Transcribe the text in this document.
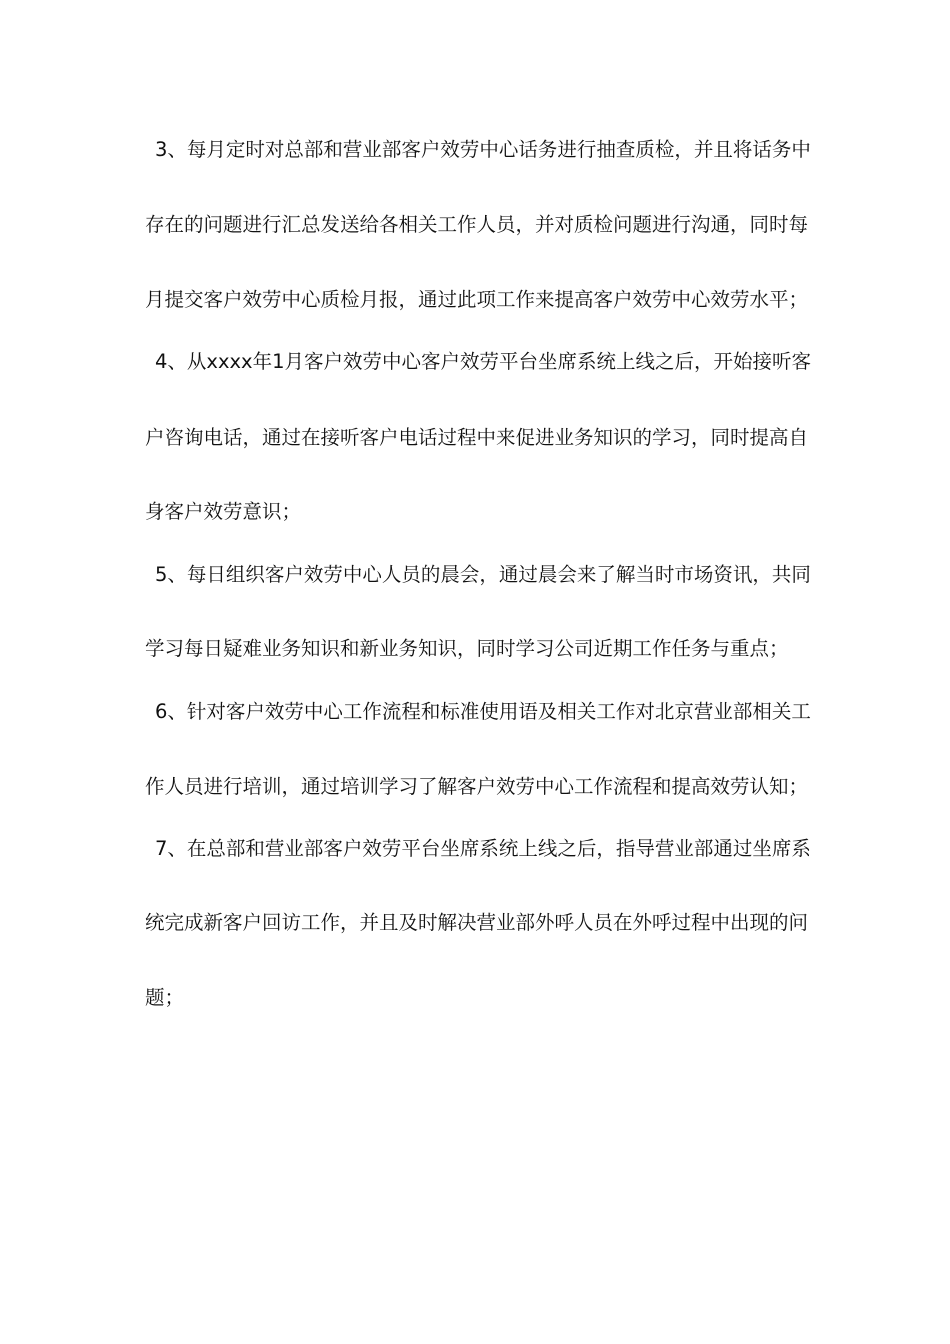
3、每月定时对总部和营业部客户效劳中心话务进行抽查质检，并且将话务中
存在的问题进行汇总发送给各相关工作人员，并对质检问题进行沟通，同时每
月提交客户效劳中心质检月报，通过此项工作来提高客户效劳中心效劳水平；
4、从xxxx年1月客户效劳中心客户效劳平台坐席系统上线之后，开始接听客
户咨询电话，通过在接听客户电话过程中来促进业务知识的学习，同时提高自
身客户效劳意识；
5、每日组织客户效劳中心人员的晨会，通过晨会来了解当时市场资讯，共同
学习每日疑难业务知识和新业务知识，同时学习公司近期工作任务与重点；
6、针对客户效劳中心工作流程和标准使用语及相关工作对北京营业部相关工
作人员进行培训，通过培训学习了解客户效劳中心工作流程和提高效劳认知；
7、在总部和营业部客户效劳平台坐席系统上线之后，指导营业部通过坐席系
统完成新客户回访工作，并且及时解决营业部外呼人员在外呼过程中出现的问
题；
